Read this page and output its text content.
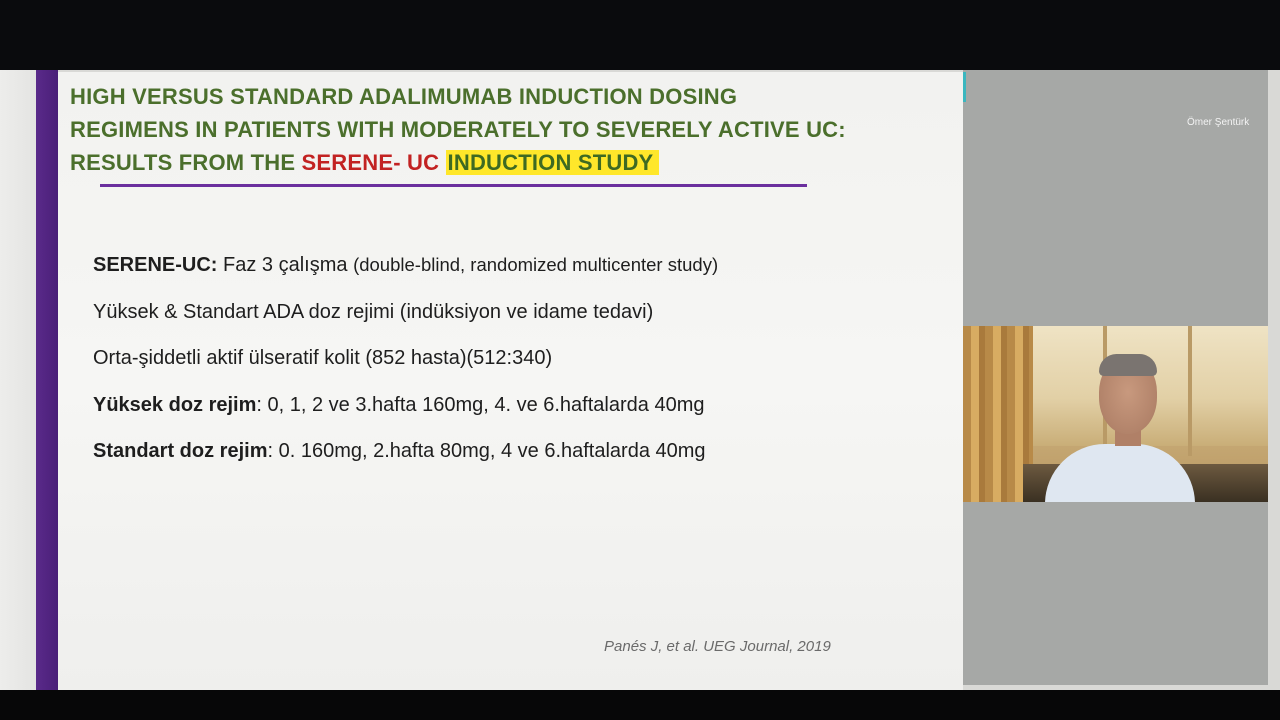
HIGH VERSUS STANDARD ADALIMUMAB INDUCTION DOSING
REGIMENS IN PATIENTS WITH MODERATELY TO SEVERELY ACTIVE UC:
RESULTS FROM THE SERENE- UC INDUCTION STUDY
SERENE-UC: Faz 3 çalışma (double-blind, randomized multicenter study)
Yüksek & Standart ADA doz rejimi (indüksiyon ve idame tedavi)
Orta-şiddetli aktif ülseratif kolit (852 hasta)(512:340)
Yüksek doz rejim: 0, 1, 2 ve 3.hafta 160mg, 4. ve 6.haftalarda 40mg
Standart doz rejim: 0. 160mg, 2.hafta 80mg, 4 ve 6.haftalarda 40mg
Panés J, et al. UEG Journal, 2019
Ömer Şentürk
